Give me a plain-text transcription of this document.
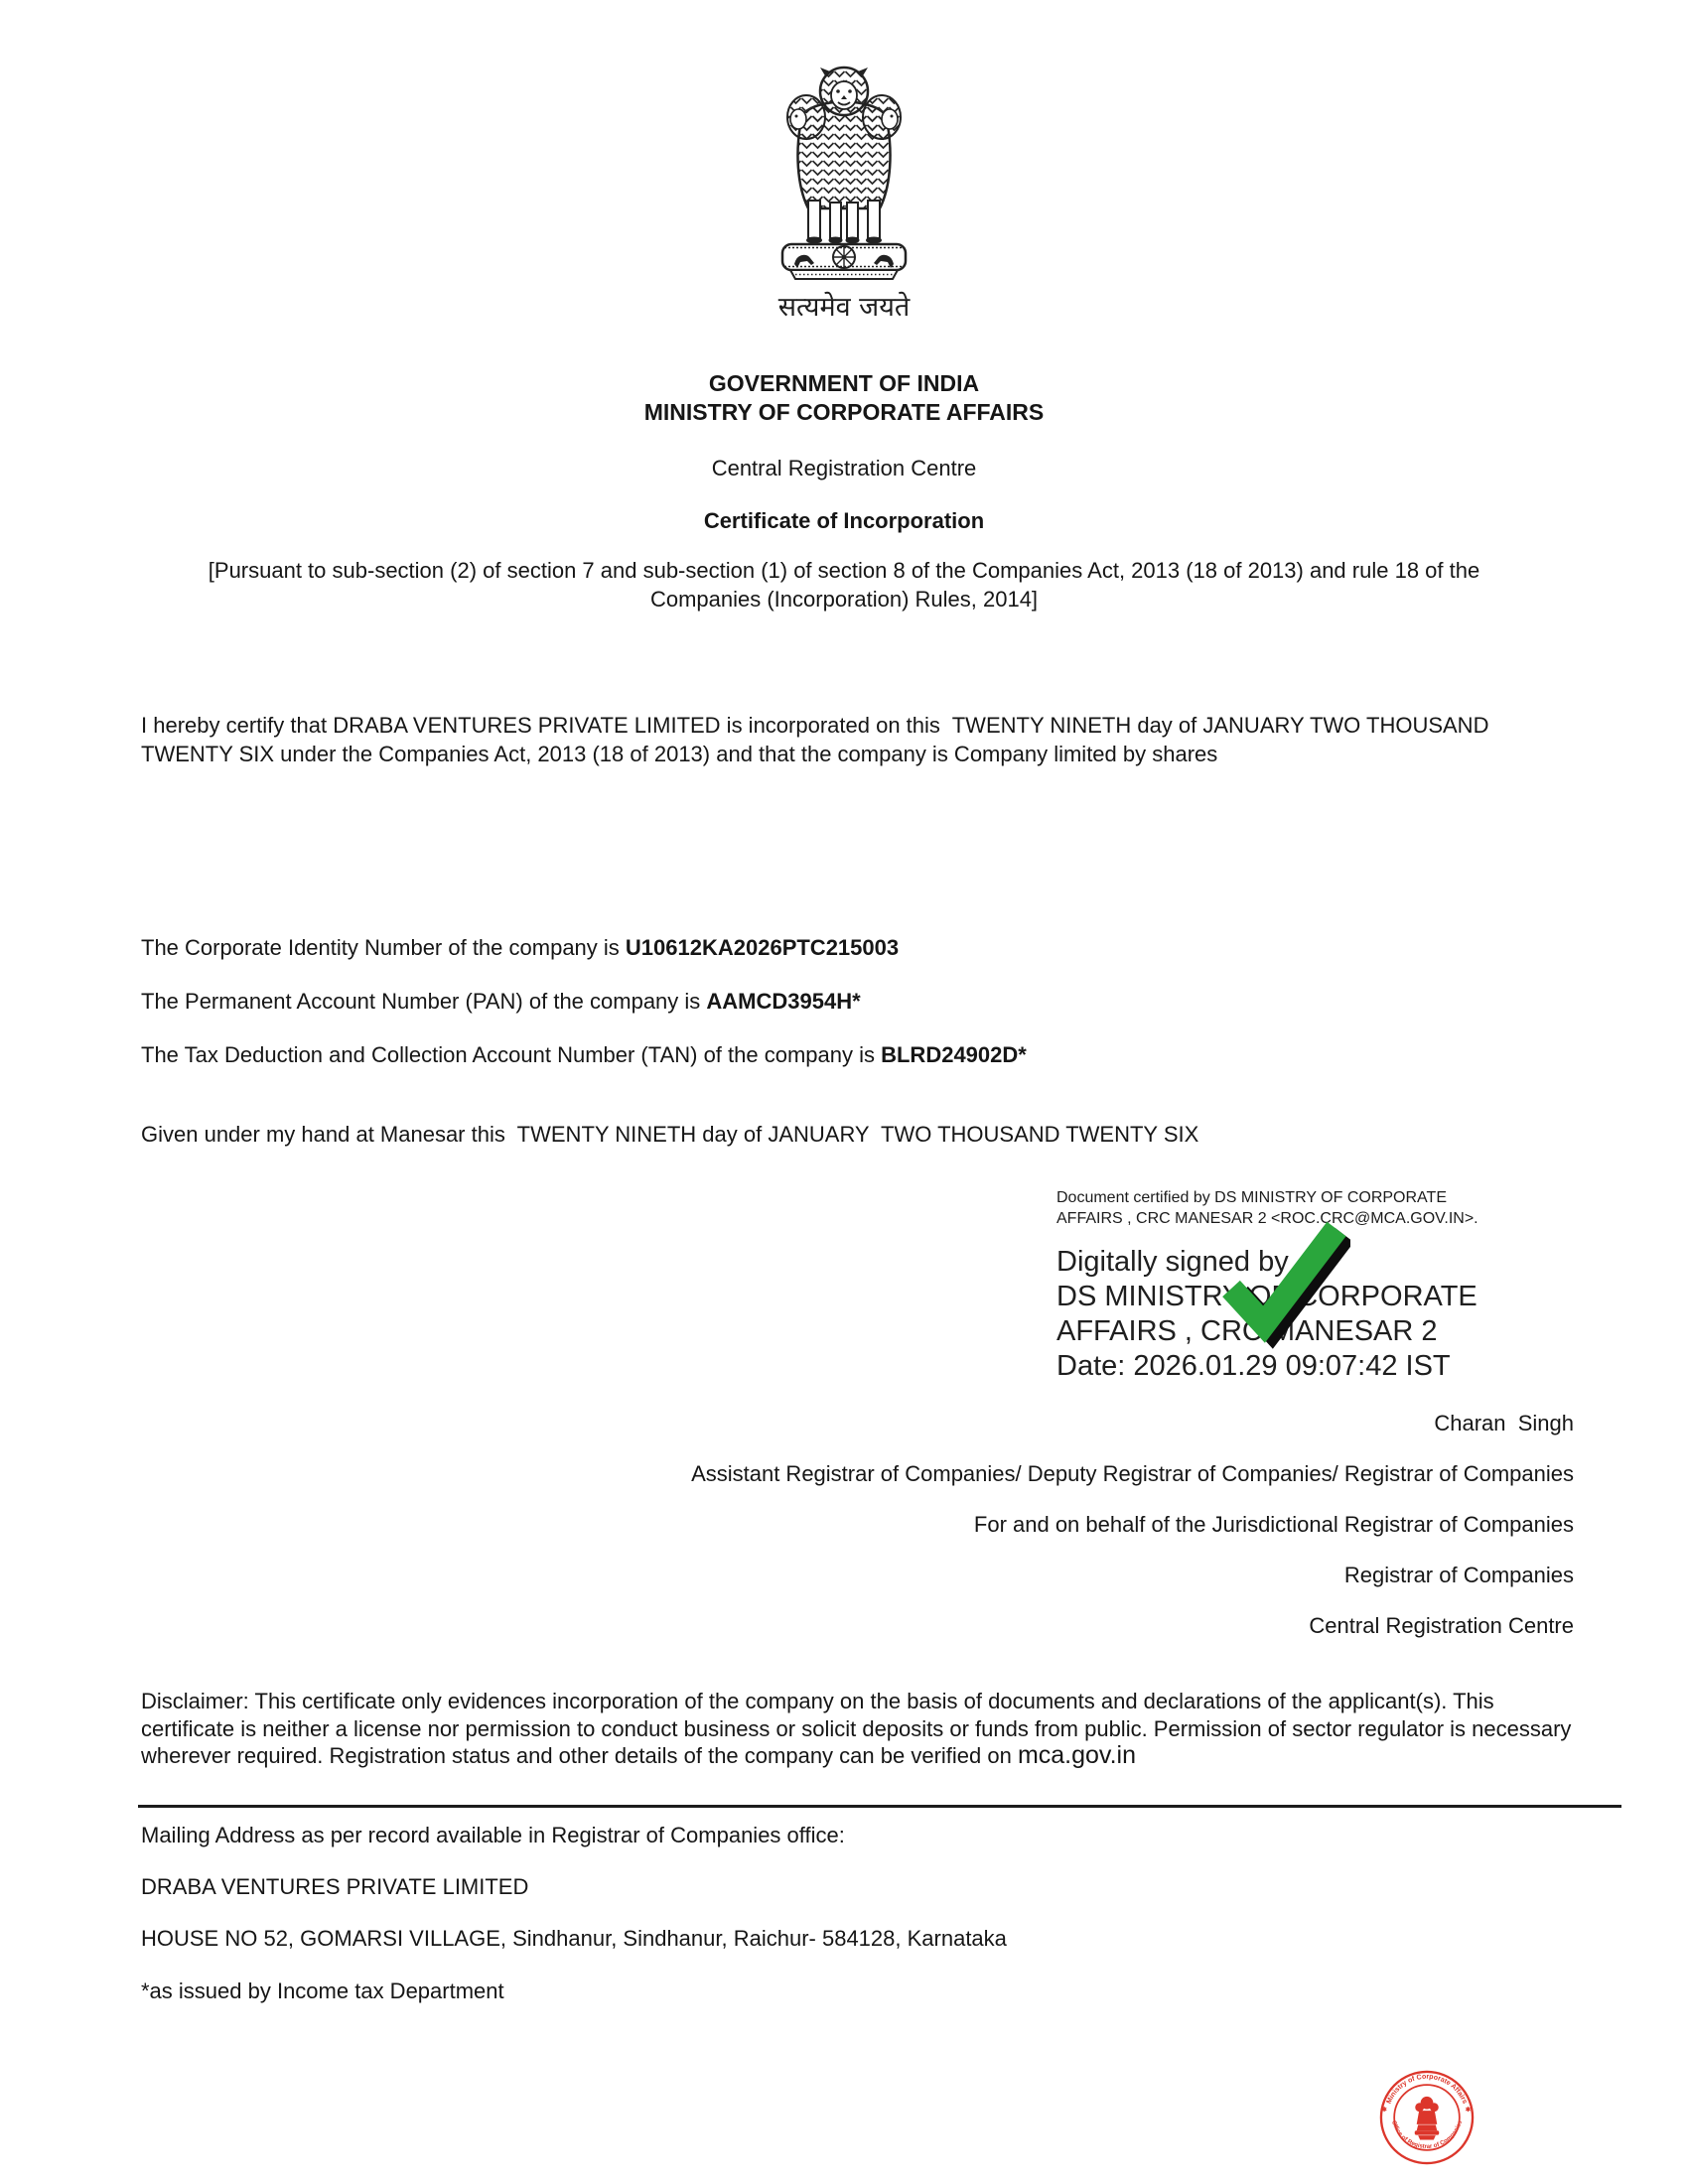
सत्यमेव जयते
GOVERNMENT OF INDIA
MINISTRY OF CORPORATE AFFAIRS
Central Registration Centre
Certificate of Incorporation
[Pursuant to sub-section (2) of section 7 and sub-section (1) of section 8 of the Companies Act, 2013 (18 of 2013) and rule 18 of the Companies (Incorporation) Rules, 2014]
I hereby certify that DRABA VENTURES PRIVATE LIMITED is incorporated on this  TWENTY NINETH day of JANUARY TWO THOUSAND TWENTY SIX under the Companies Act, 2013 (18 of 2013) and that the company is Company limited by shares
The Corporate Identity Number of the company is U10612KA2026PTC215003
The Permanent Account Number (PAN) of the company is AAMCD3954H*
The Tax Deduction and Collection Account Number (TAN) of the company is BLRD24902D*
Given under my hand at Manesar this  TWENTY NINETH day of JANUARY  TWO THOUSAND TWENTY SIX
Document certified by DS MINISTRY OF CORPORATE AFFAIRS , CRC MANESAR 2 <ROC.CRC@MCA.GOV.IN>.
Digitally signed by
DS MINISTRY OF CORPORATE
AFFAIRS , CRC MANESAR 2
Date: 2026.01.29 09:07:42 IST
Charan  Singh
Assistant Registrar of Companies/ Deputy Registrar of Companies/ Registrar of Companies
For and on behalf of the Jurisdictional Registrar of Companies
Registrar of Companies
Central Registration Centre
Disclaimer: This certificate only evidences incorporation of the company on the basis of documents and declarations of the applicant(s). This certificate is neither a license nor permission to conduct business or solicit deposits or funds from public. Permission of sector regulator is necessary wherever required. Registration status and other details of the company can be verified on mca.gov.in
Mailing Address as per record available in Registrar of Companies office:
DRABA VENTURES PRIVATE LIMITED
HOUSE NO 52, GOMARSI VILLAGE, Sindhanur, Sindhanur, Raichur- 584128, Karnataka
*as issued by Income tax Department
Ministry of Corporate Affairs
Office of Registrar of Companies
✱	✱
